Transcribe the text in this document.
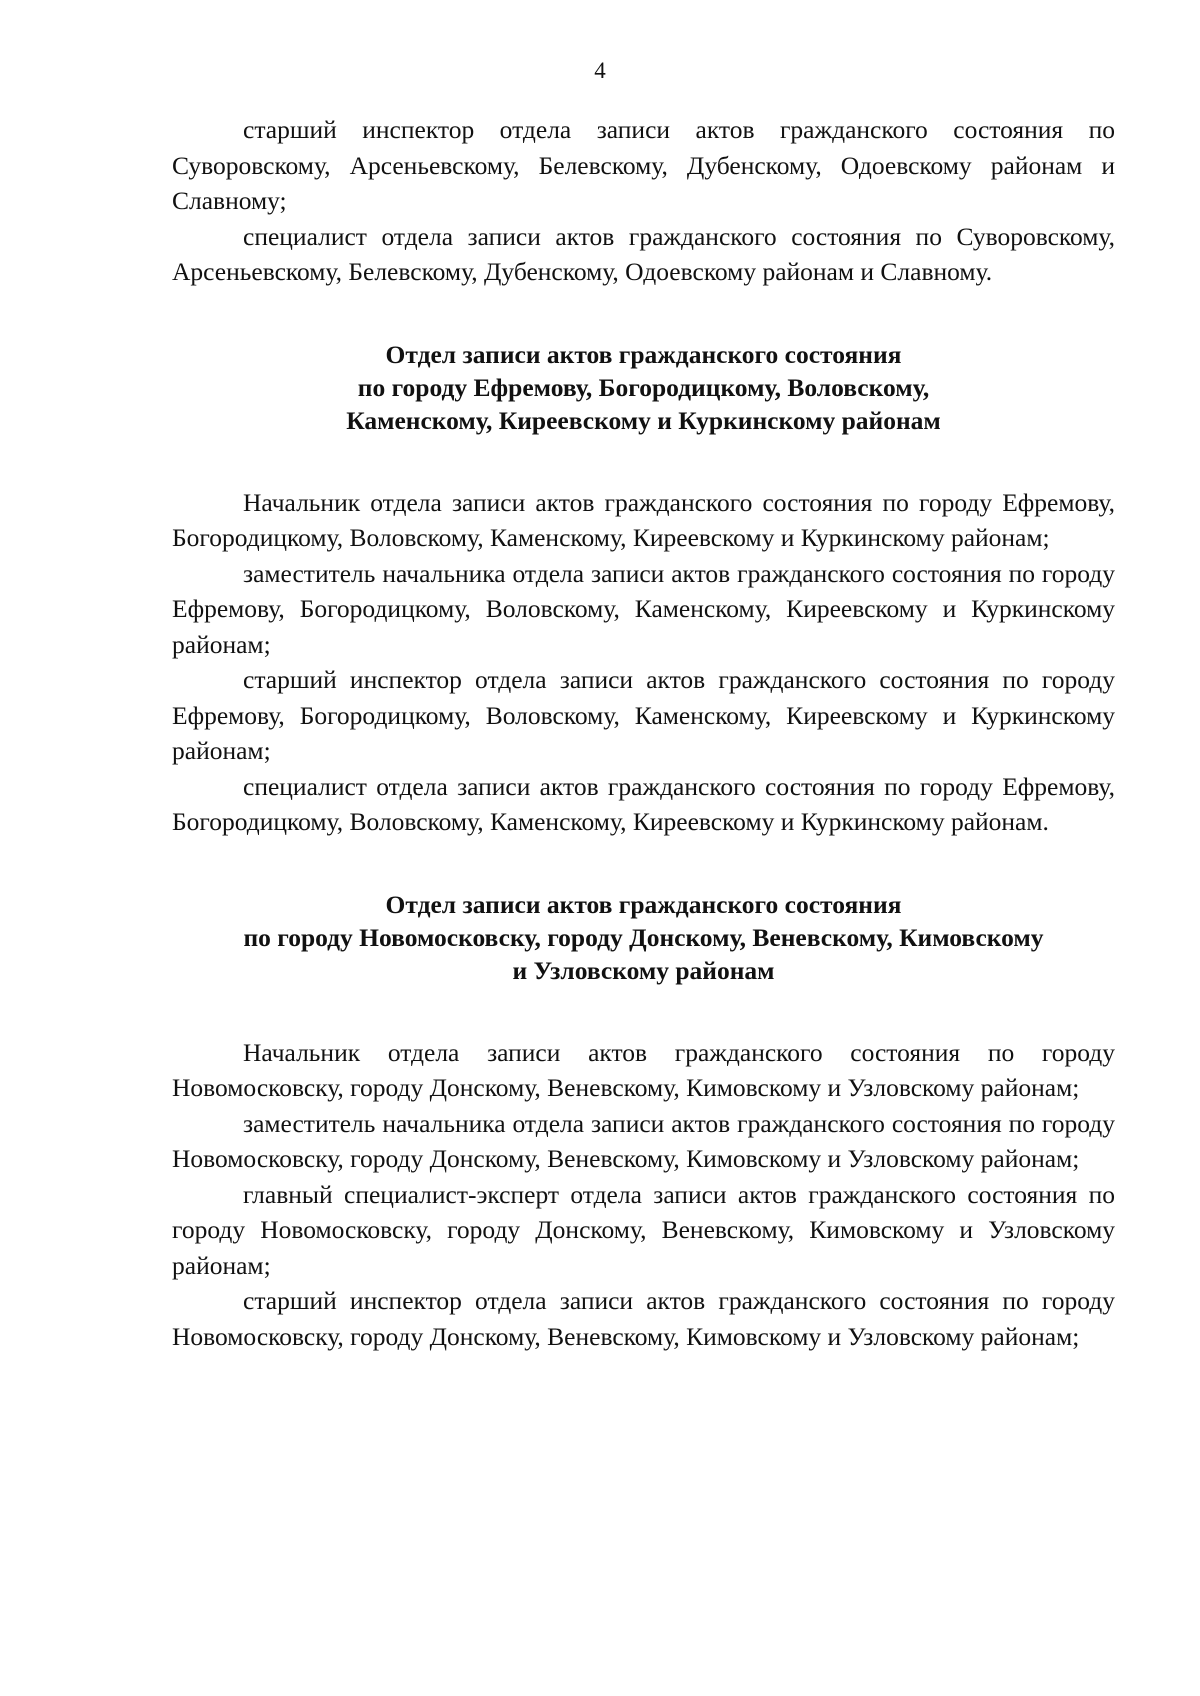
4

старший инспектор отдела записи актов гражданского состояния по Суворовскому, Арсеньевскому, Белевскому, Дубенскому, Одоевскому районам и Славному;

специалист отдела записи актов гражданского состояния по Суворовскому, Арсеньевскому, Белевскому, Дубенскому, Одоевскому районам и Славному.

Отдел записи актов гражданского состояния
по городу Ефремову, Богородицкому, Воловскому,
Каменскому, Киреевскому и Куркинскому районам

Начальник отдела записи актов гражданского состояния по городу Ефремову, Богородицкому, Воловскому, Каменскому, Киреевскому и Куркинскому районам;

заместитель начальника отдела записи актов гражданского состояния по городу Ефремову, Богородицкому, Воловскому, Каменскому, Киреевскому и Куркинскому районам;

старший инспектор отдела записи актов гражданского состояния по городу Ефремову, Богородицкому, Воловскому, Каменскому, Киреевскому и Куркинскому районам;

специалист отдела записи актов гражданского состояния по городу Ефремову, Богородицкому, Воловскому, Каменскому, Киреевскому и Куркинскому районам.

Отдел записи актов гражданского состояния
по городу Новомосковску, городу Донскому, Веневскому, Кимовскому
и Узловскому районам

Начальник отдела записи актов гражданского состояния по городу Новомосковску, городу Донскому, Веневскому, Кимовскому и Узловскому районам;

заместитель начальника отдела записи актов гражданского состояния по городу Новомосковску, городу Донскому, Веневскому, Кимовскому и Узловскому районам;

главный специалист-эксперт отдела записи актов гражданского состояния по городу Новомосковску, городу Донскому, Веневскому, Кимовскому и Узловскому районам;

старший инспектор отдела записи актов гражданского состояния по городу Новомосковску, городу Донскому, Веневскому, Кимовскому и Узловскому районам;
